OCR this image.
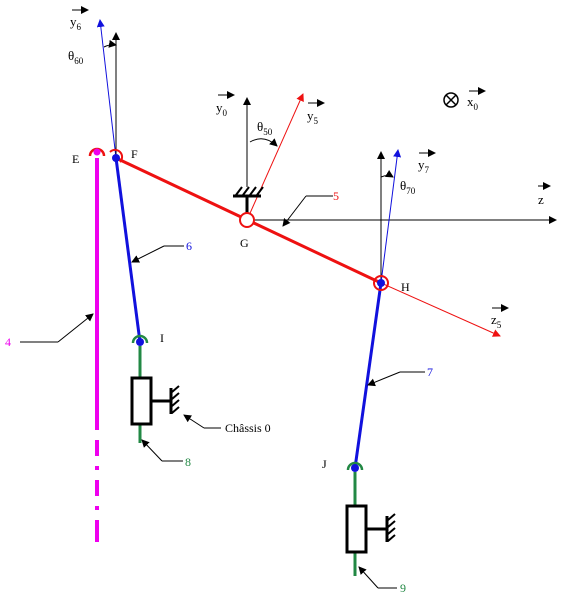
$y_6$
$\theta_{60}$
$y_0$	$y_5$
$\theta_{50}$
$x_0$
$y_7$
$\theta_{70}$
z
$z_5$
E	F
G
H
I
J
4
5
6
7
8
9
Châssis 0
